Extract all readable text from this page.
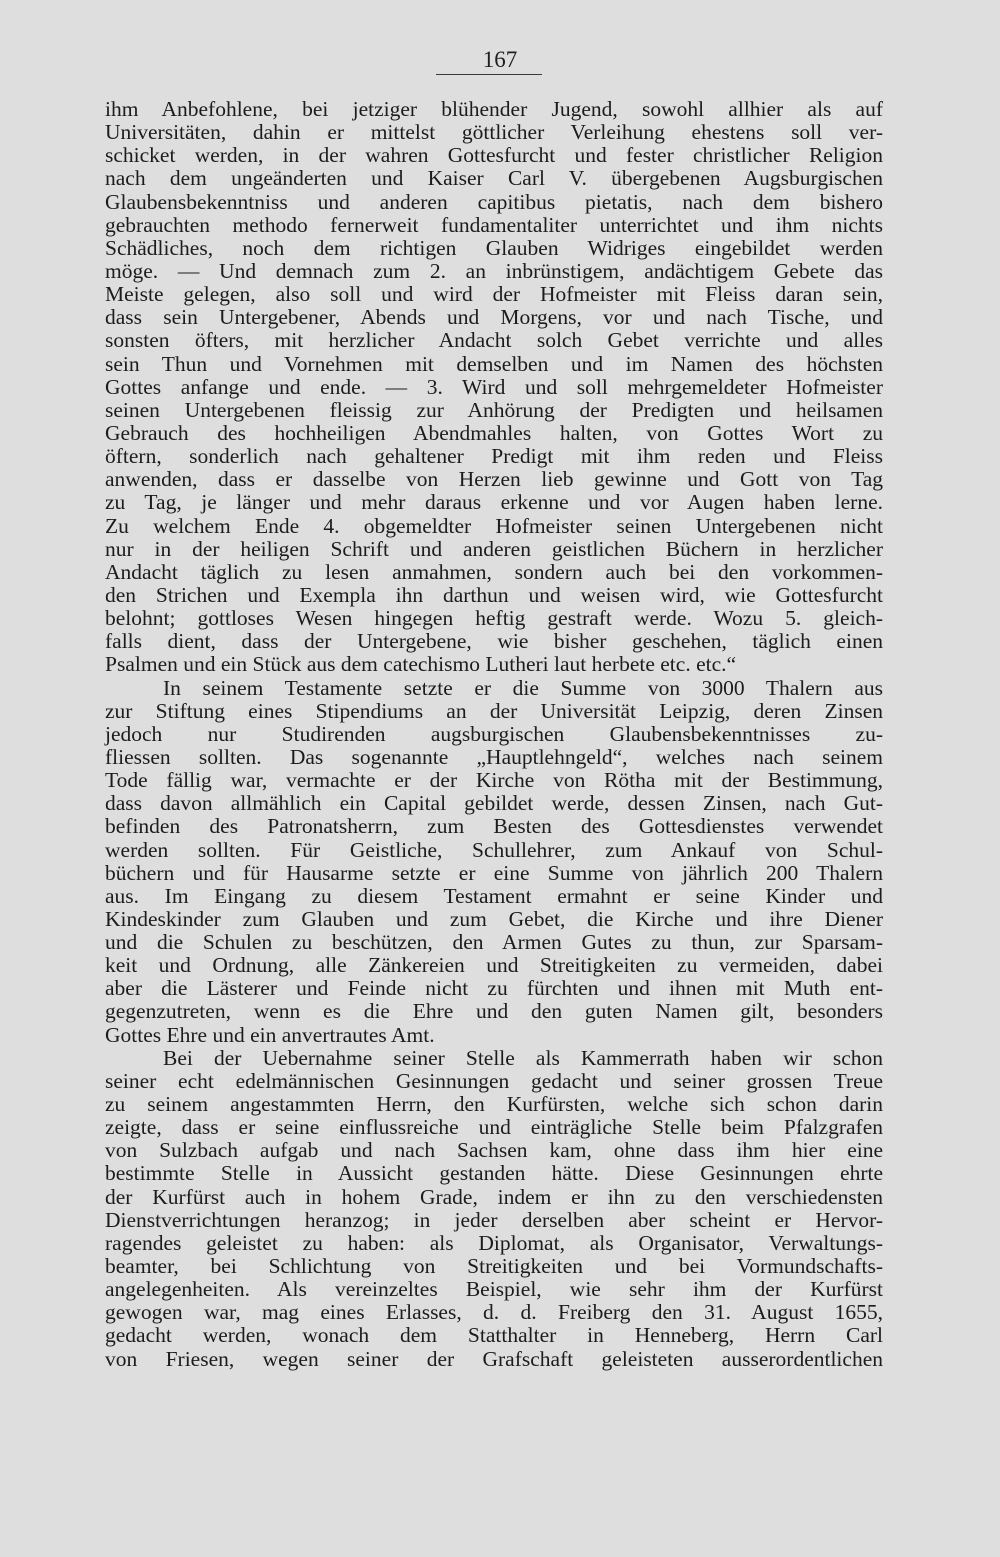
167
ihm Anbefohlene, bei jetziger blühender Jugend, sowohl allhier als auf
Universitäten, dahin er mittelst göttlicher Verleihung ehestens soll ver-
schicket werden, in der wahren Gottesfurcht und fester christlicher Religion
nach dem ungeänderten und Kaiser Carl V. übergebenen Augsburgischen
Glaubensbekenntniss und anderen capitibus pietatis, nach dem bishero
gebrauchten methodo fernerweit fundamentaliter unterrichtet und ihm nichts
Schädliches, noch dem richtigen Glauben Widriges eingebildet werden
möge. — Und demnach zum 2. an inbrünstigem, andächtigem Gebete das
Meiste gelegen, also soll und wird der Hofmeister mit Fleiss daran sein,
dass sein Untergebener, Abends und Morgens, vor und nach Tische, und
sonsten öfters, mit herzlicher Andacht solch Gebet verrichte und alles
sein Thun und Vornehmen mit demselben und im Namen des höchsten
Gottes anfange und ende. — 3. Wird und soll mehrgemeldeter Hofmeister
seinen Untergebenen fleissig zur Anhörung der Predigten und heilsamen
Gebrauch des hochheiligen Abendmahles halten, von Gottes Wort zu
öftern, sonderlich nach gehaltener Predigt mit ihm reden und Fleiss
anwenden, dass er dasselbe von Herzen lieb gewinne und Gott von Tag
zu Tag, je länger und mehr daraus erkenne und vor Augen haben lerne.
Zu welchem Ende 4. obgemeldter Hofmeister seinen Untergebenen nicht
nur in der heiligen Schrift und anderen geistlichen Büchern in herzlicher
Andacht täglich zu lesen anmahmen, sondern auch bei den vorkommen-
den Strichen und Exempla ihn darthun und weisen wird, wie Gottesfurcht
belohnt; gottloses Wesen hingegen heftig gestraft werde. Wozu 5. gleich-
falls dient, dass der Untergebene, wie bisher geschehen, täglich einen
Psalmen und ein Stück aus dem catechismo Lutheri laut herbete etc. etc.“
In seinem Testamente setzte er die Summe von 3000 Thalern aus
zur Stiftung eines Stipendiums an der Universität Leipzig, deren Zinsen
jedoch nur Studirenden augsburgischen Glaubensbekenntnisses zu-
fliessen sollten. Das sogenannte „Hauptlehngeld“, welches nach seinem
Tode fällig war, vermachte er der Kirche von Rötha mit der Bestimmung,
dass davon allmählich ein Capital gebildet werde, dessen Zinsen, nach Gut-
befinden des Patronatsherrn, zum Besten des Gottesdienstes verwendet
werden sollten. Für Geistliche, Schullehrer, zum Ankauf von Schul-
büchern und für Hausarme setzte er eine Summe von jährlich 200 Thalern
aus. Im Eingang zu diesem Testament ermahnt er seine Kinder und
Kindeskinder zum Glauben und zum Gebet, die Kirche und ihre Diener
und die Schulen zu beschützen, den Armen Gutes zu thun, zur Sparsam-
keit und Ordnung, alle Zänkereien und Streitigkeiten zu vermeiden, dabei
aber die Lästerer und Feinde nicht zu fürchten und ihnen mit Muth ent-
gegenzutreten, wenn es die Ehre und den guten Namen gilt, besonders
Gottes Ehre und ein anvertrautes Amt.
Bei der Uebernahme seiner Stelle als Kammerrath haben wir schon
seiner echt edelmännischen Gesinnungen gedacht und seiner grossen Treue
zu seinem angestammten Herrn, den Kurfürsten, welche sich schon darin
zeigte, dass er seine einflussreiche und einträgliche Stelle beim Pfalzgrafen
von Sulzbach aufgab und nach Sachsen kam, ohne dass ihm hier eine
bestimmte Stelle in Aussicht gestanden hätte. Diese Gesinnungen ehrte
der Kurfürst auch in hohem Grade, indem er ihn zu den verschiedensten
Dienstverrichtungen heranzog; in jeder derselben aber scheint er Hervor-
ragendes geleistet zu haben: als Diplomat, als Organisator, Verwaltungs-
beamter, bei Schlichtung von Streitigkeiten und bei Vormundschafts-
angelegenheiten. Als vereinzeltes Beispiel, wie sehr ihm der Kurfürst
gewogen war, mag eines Erlasses, d. d. Freiberg den 31. August 1655,
gedacht werden, wonach dem Statthalter in Henneberg, Herrn Carl
von Friesen, wegen seiner der Grafschaft geleisteten ausserordentlichen
